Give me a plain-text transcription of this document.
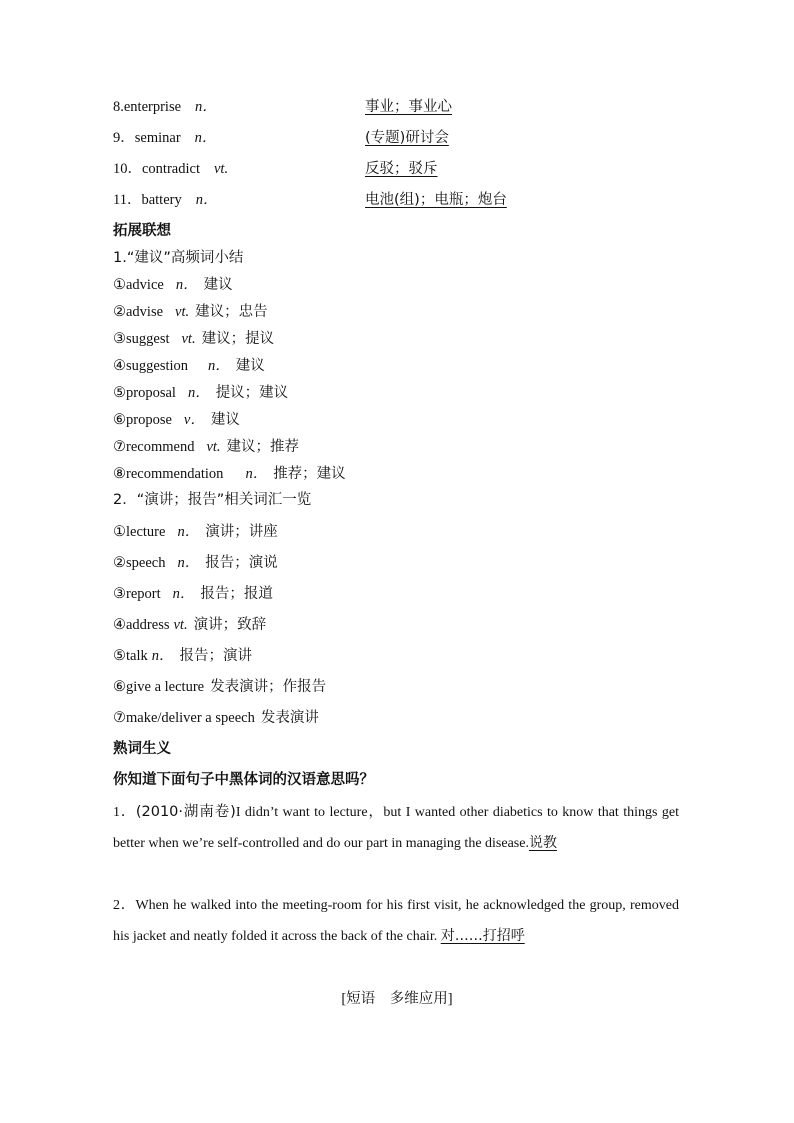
8.enterprise n．	事业；事业心
9．seminar n．	(专题)研讨会
10．contradict vt.	反驳；驳斥
11．battery n．	电池(组)；电瓶；炮台
拓展联想
1.“建议”高频词小结
①advice n． 建议
②advise vt. 建议；忠告
③suggest vt. 建议；提议
④suggestion n． 建议
⑤proposal n． 提议；建议
⑥propose v． 建议
⑦recommend vt. 建议；推荐
⑧recommendation n． 推荐；建议
2．“演讲；报告”相关词汇一览
①lecture n． 演讲；讲座
②speech n． 报告；演说
③report n． 报告；报道
④address vt. 演讲；致辞
⑤talk n． 报告；演讲
⑥give a lecture 发表演讲；作报告
⑦make/deliver a speech 发表演讲
熟词生义
你知道下面句子中黑体词的汉语意思吗？
1．(2010·湖南卷)I didn’t want to lecture，but I wanted other diabetics to know that things get better when we’re self-controlled and do our part in managing the disease.说教
2．When he walked into the meeting-room for his first visit, he acknowledged the group, removed his jacket and neatly folded it across the back of the chair. 对……打招呼
[短语　多维应用]
